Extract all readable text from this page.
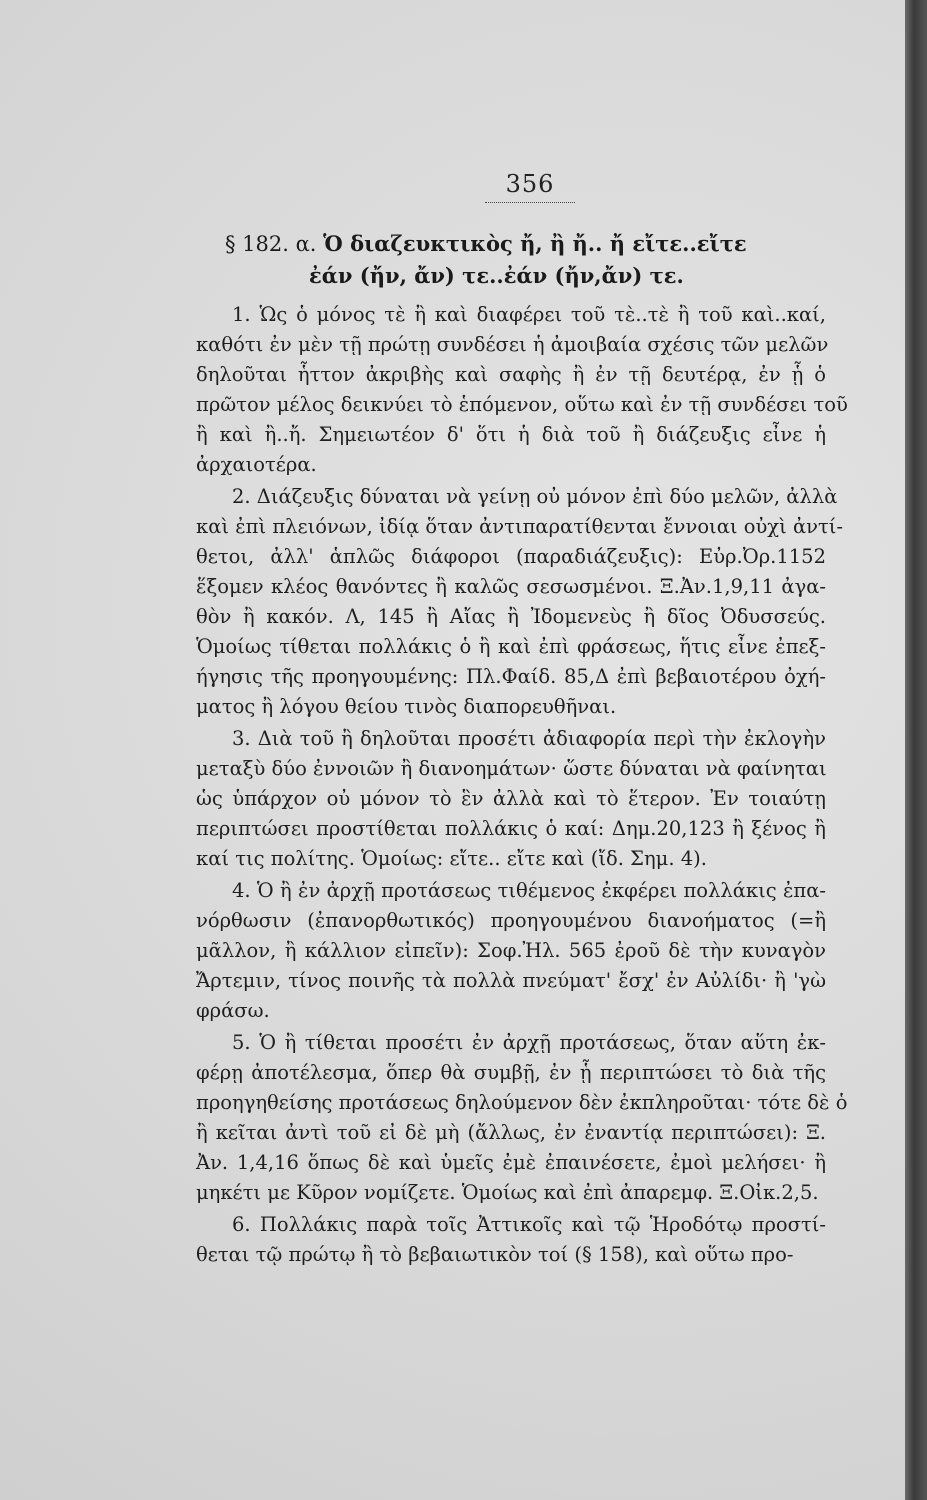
356
§ 182. α. Ὁ διαζευκτικὸς ἤ, ἢ ἤ.. ἤ εἴτε..εἴτε
ἐάν (ἤν, ἄν) τε..ἐάν (ἤν,ἄν) τε.
1. Ὡς ὁ μόνος τὲ ἢ καὶ διαφέρει τοῦ τὲ..τὲ ἢ τοῦ καὶ..καί,
καθότι ἐν μὲν τῇ πρώτῃ συνδέσει ἡ ἀμοιβαία σχέσις τῶν μελῶν
δηλοῦται ἧττον ἀκριβὴς καὶ σαφὴς ἢ ἐν τῇ δευτέρᾳ, ἐν ᾗ ὁ
πρῶτον μέλος δεικνύει τὸ ἑπόμενον, οὕτω καὶ ἐν τῇ συνδέσει τοῦ
ἢ καὶ ἢ..ἤ. Σημειωτέον δ' ὅτι ἡ διὰ τοῦ ἢ διάζευξις εἶνε ἡ
ἀρχαιοτέρα.
2. Διάζευξις δύναται νὰ γείνῃ οὐ μόνον ἐπὶ δύο μελῶν, ἀλλὰ
καὶ ἐπὶ πλειόνων, ἰδίᾳ ὅταν ἀντιπαρατίθενται ἔννοιαι οὐχὶ ἀντί-
θετοι, ἀλλ' ἁπλῶς διάφοροι (παραδιάζευξις): Εὐρ.Ὀρ.1152
ἕξομεν κλέος θανόντες ἢ καλῶς σεσωσμένοι. Ξ.Ἀν.1,9,11 ἀγα-
θὸν ἢ κακόν. Λ, 145 ἢ Αἴας ἢ Ἰδομενεὺς ἢ δῖος Ὀδυσσεύς.
Ὁμοίως τίθεται πολλάκις ὁ ἢ καὶ ἐπὶ φράσεως, ἥτις εἶνε ἐπεξ-
ήγησις τῆς προηγουμένης: Πλ.Φαίδ. 85,Δ ἐπὶ βεβαιοτέρου ὀχή-
ματος ἢ λόγου θείου τινὸς διαπορευθῆναι.
3. Διὰ τοῦ ἢ δηλοῦται προσέτι ἀδιαφορία περὶ τὴν ἐκλογὴν
μεταξὺ δύο ἐννοιῶν ἢ διανοημάτων· ὥστε δύναται νὰ φαίνηται
ὡς ὑπάρχον οὐ μόνον τὸ ἓν ἀλλὰ καὶ τὸ ἕτερον. Ἐν τοιαύτῃ
περιπτώσει προστίθεται πολλάκις ὁ καί: Δημ.20,123 ἢ ξένος ἢ
καί τις πολίτης. Ὁμοίως: εἴτε.. εἴτε καὶ (ἴδ. Σημ. 4).
4. Ὁ ἢ ἐν ἀρχῇ προτάσεως τιθέμενος ἐκφέρει πολλάκις ἐπα-
νόρθωσιν (ἐπανορθωτικός) προηγουμένου διανοήματος (=ἢ
μᾶλλον, ἢ κάλλιον εἰπεῖν): Σοφ.Ἠλ. 565 ἐροῦ δὲ τὴν κυναγὸν
Ἄρτεμιν, τίνος ποινῆς τὰ πολλὰ πνεύματ' ἔσχ' ἐν Αὐλίδι· ἢ 'γὼ
φράσω.
5. Ὁ ἢ τίθεται προσέτι ἐν ἀρχῇ προτάσεως, ὅταν αὕτη ἐκ-
φέρῃ ἀποτέλεσμα, ὅπερ θὰ συμβῇ, ἐν ᾗ περιπτώσει τὸ διὰ τῆς
προηγηθείσης προτάσεως δηλούμενον δὲν ἐκπληροῦται· τότε δὲ ὁ
ἢ κεῖται ἀντὶ τοῦ εἰ δὲ μὴ (ἄλλως, ἐν ἐναντίᾳ περιπτώσει): Ξ.
Ἀν. 1,4,16 ὅπως δὲ καὶ ὑμεῖς ἐμὲ ἐπαινέσετε, ἐμοὶ μελήσει· ἢ
μηκέτι με Κῦρον νομίζετε. Ὁμοίως καὶ ἐπὶ ἀπαρεμφ. Ξ.Οἰκ.2,5.
6. Πολλάκις παρὰ τοῖς Ἀττικοῖς καὶ τῷ Ἡροδότῳ προστί-
θεται τῷ πρώτῳ ἢ τὸ βεβαιωτικὸν τοί (§ 158), καὶ οὕτω προ-
